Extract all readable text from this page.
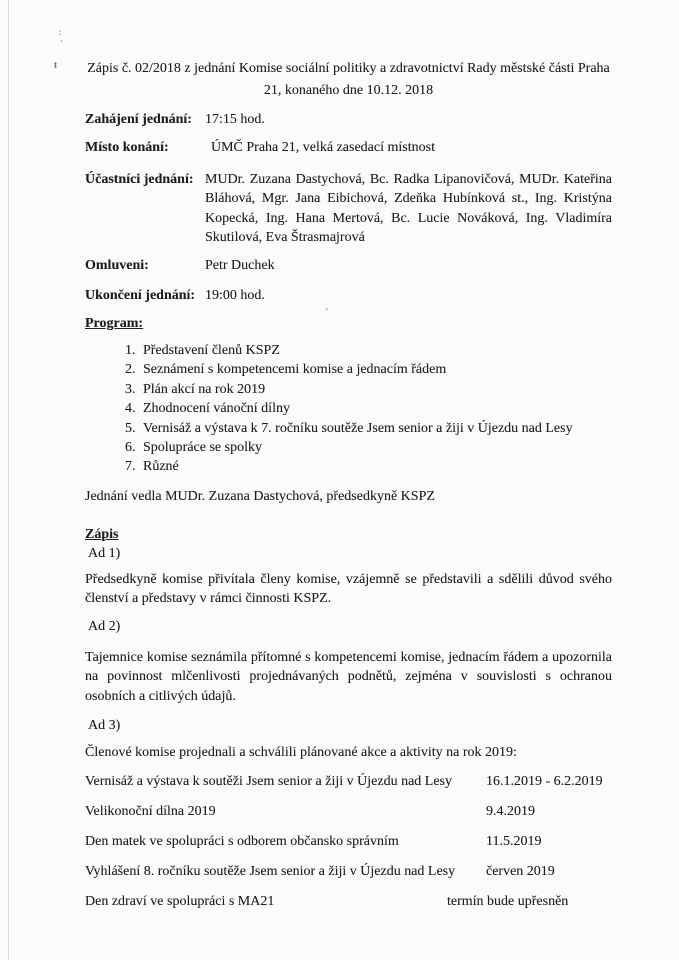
:
·
ŧ
'
`
Zápis č. 02/2018 z jednání Komise sociální politiky a zdravotnictví Rady městské části Praha
21, konaného dne 10.12. 2018
Zahájení jednání: 17:15 hod.
Místo konání:	ÚMČ Praha 21, velká zasedací místnost
Účastníci jednání: MUDr. Zuzana Dastychová, Bc. Radka Lipanovičová, MUDr. Kateřina Bláhová, Mgr. Jana Eibichová, Zdeňka Hubínková st., Ing. Kristýna Kopecká, Ing. Hana Mertová, Bc. Lucie Nováková, Ing. Vladimíra Skutilová, Eva Štrasmajrová
Omluveni:	Petr Duchek
Ukončení jednání: 19:00 hod.
Program:
1. Představení členů KSPZ
2. Seznámení s kompetencemi komise a jednacím řádem
3. Plán akcí na rok 2019
4. Zhodnocení vánoční dílny
5. Vernisáž a výstava k 7. ročníku soutěže Jsem senior a žiji v Újezdu nad Lesy
6. Spolupráce se spolky
7. Různé
Jednání vedla MUDr. Zuzana Dastychová, předsedkyně KSPZ
Zápis
Ad 1)
Předsedkyně komise přivítala členy komise, vzájemně se představili a sdělili důvod svého členství a představy v rámci činnosti KSPZ.
Ad 2)
Tajemnice komise seznámila přítomné s kompetencemi komise, jednacím řádem a upozornila na povinnost mlčenlivosti projednávaných podnětů, zejména v souvislosti s ochranou osobních a citlivých údajů.
Ad 3)
Členové komise projednali a schválili plánované akce a aktivity na rok 2019:
Vernisáž a výstava k soutěži Jsem senior a žiji v Újezdu nad Lesy 16.1.2019 - 6.2.2019
Velikonoční dílna 2019	9.4.2019
Den matek ve spolupráci s odborem občansko správním	11.5.2019
Vyhlášení 8. ročníku soutěže Jsem senior a žiji v Újezdu nad Lesy červen 2019
Den zdraví ve spolupráci s MA21	termín bude upřesněn
